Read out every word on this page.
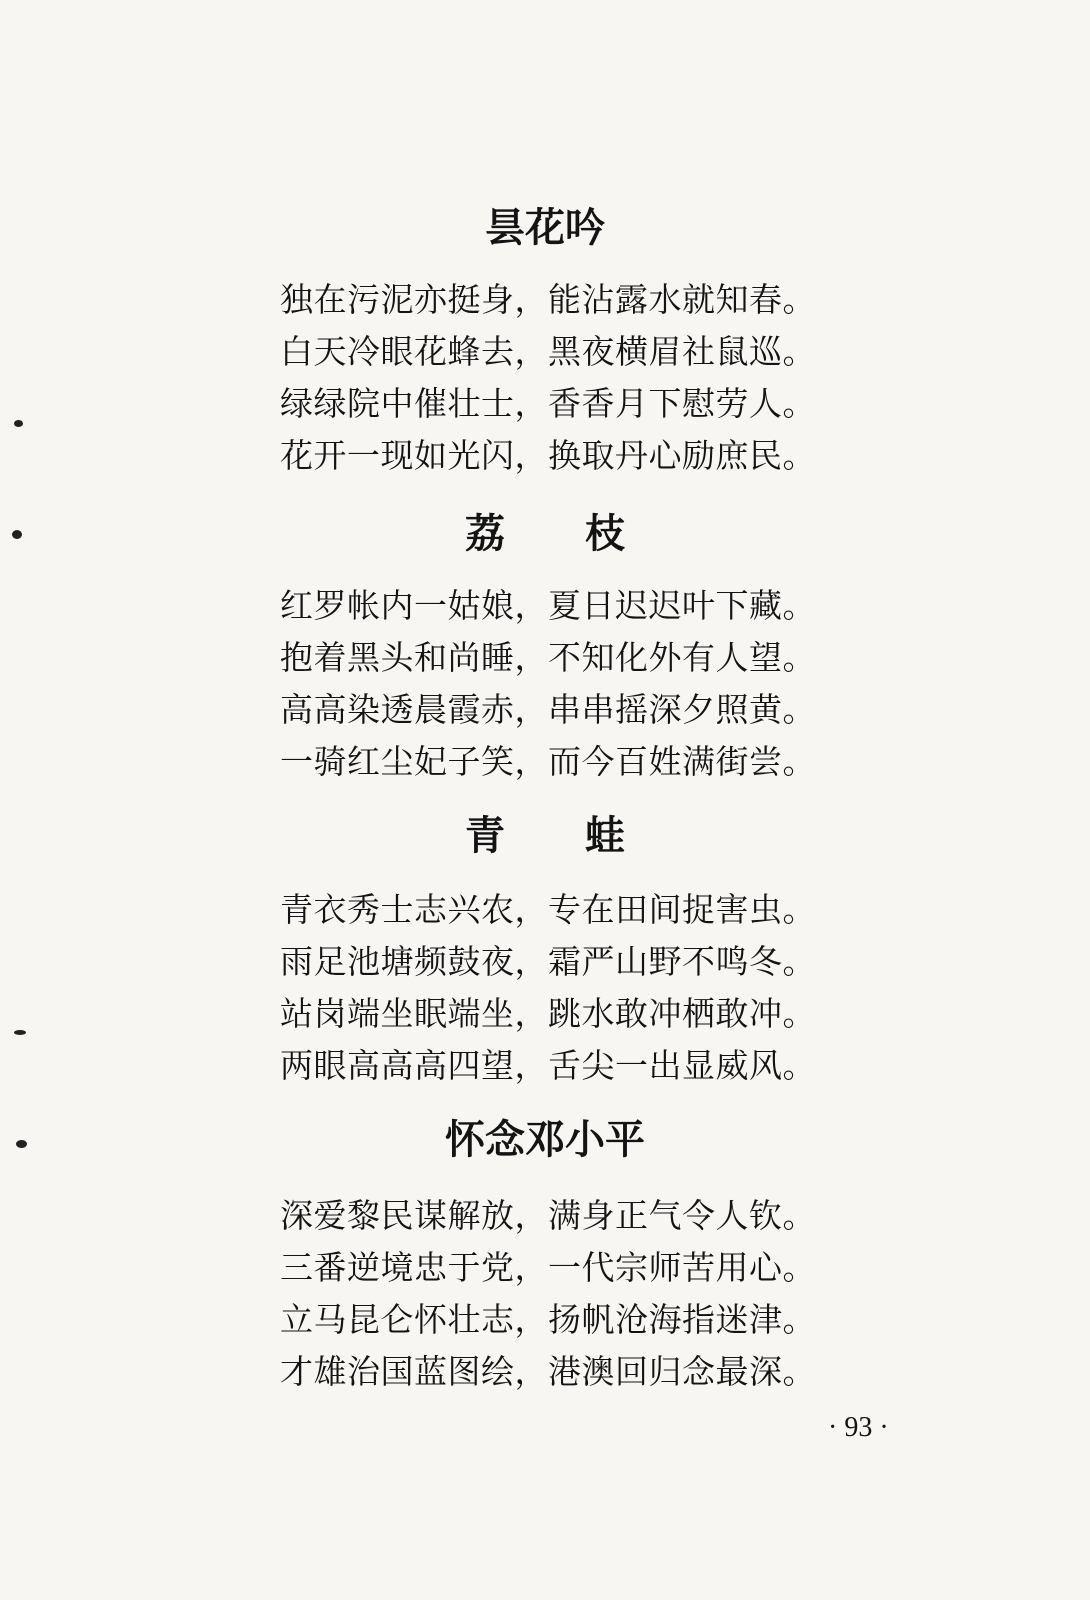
昙花吟
独在污泥亦挺身，能沾露水就知春。
白天冷眼花蜂去，黑夜横眉社鼠巡。
绿绿院中催壮士，香香月下慰劳人。
花开一现如光闪，换取丹心励庶民。
荔　　枝
红罗帐内一姑娘，夏日迟迟叶下藏。
抱着黑头和尚睡，不知化外有人望。
高高染透晨霞赤，串串摇深夕照黄。
一骑红尘妃子笑，而今百姓满街尝。
青　　蛙
青衣秀士志兴农，专在田间捉害虫。
雨足池塘频鼓夜，霜严山野不鸣冬。
站岗端坐眠端坐，跳水敢冲栖敢冲。
两眼高高高四望，舌尖一出显威风。
怀念邓小平
深爱黎民谋解放，满身正气令人钦。
三番逆境忠于党，一代宗师苦用心。
立马昆仑怀壮志，扬帆沧海指迷津。
才雄治国蓝图绘，港澳回归念最深。
· 93 ·
